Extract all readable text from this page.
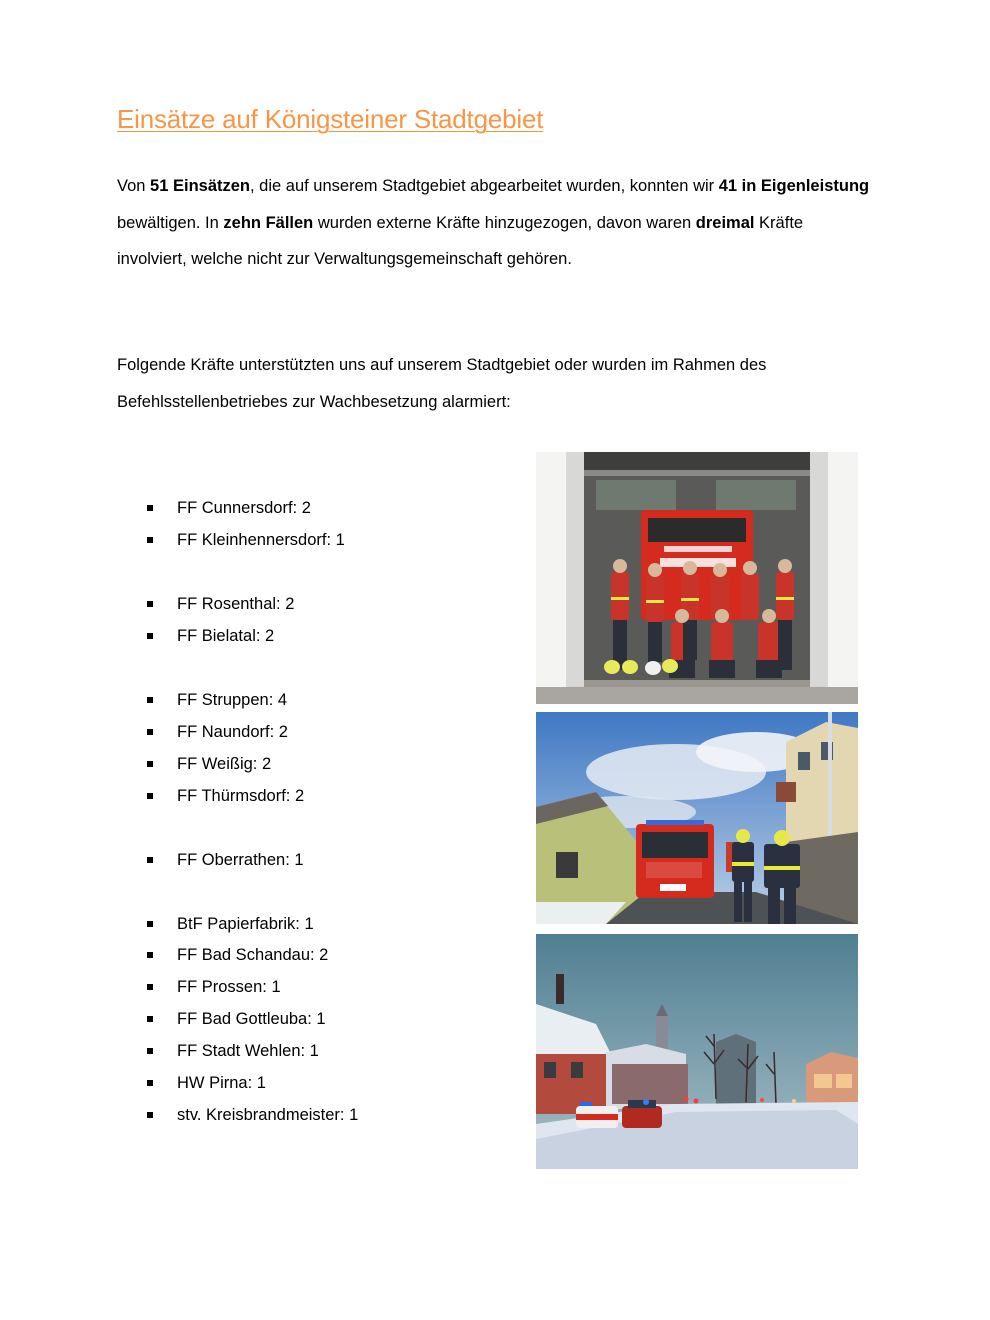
Einsätze auf Königsteiner Stadtgebiet
Von 51 Einsätzen, die auf unserem Stadtgebiet abgearbeitet wurden, konnten wir 41 in Eigenleistung bewältigen. In zehn Fällen wurden externe Kräfte hinzugezogen, davon waren dreimal Kräfte involviert, welche nicht zur Verwaltungsgemeinschaft gehören.
Folgende Kräfte unterstützten uns auf unserem Stadtgebiet oder wurden im Rahmen des Befehlsstellenbetriebes zur Wachbesetzung alarmiert:
FF Cunnersdorf: 2
FF Kleinhennersdorf: 1
FF Rosenthal: 2
FF Bielatal: 2
FF Struppen: 4
FF Naundorf: 2
FF Weißig: 2
FF Thürmsdorf: 2
FF Oberrathen: 1
BtF Papierfabrik: 1
FF Bad Schandau: 2
FF Prossen: 1
FF Bad Gottleuba: 1
FF Stadt Wehlen: 1
HW Pirna: 1
stv. Kreisbrandmeister: 1
